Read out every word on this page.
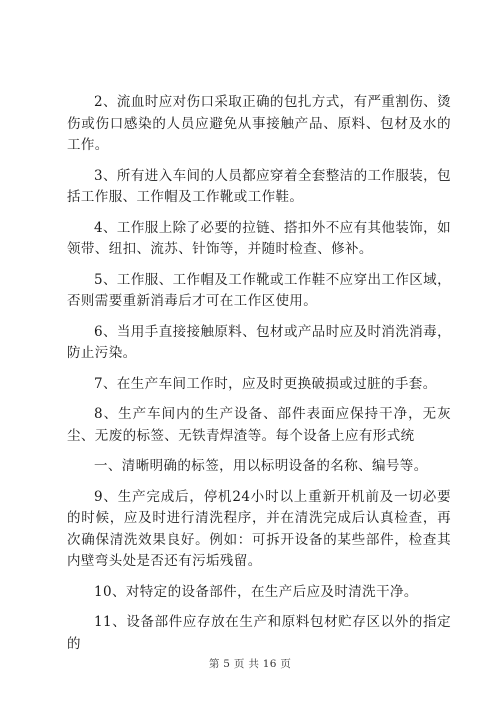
2、流血时应对伤口采取正确的包扎方式，有严重割伤、烫伤或伤口感染的人员应避免从事接触产品、原料、包材及水的工作。

3、所有进入车间的人员都应穿着全套整洁的工作服装，包括工作服、工作帽及工作靴或工作鞋。

4、工作服上除了必要的拉链、搭扣外不应有其他装饰，如领带、纽扣、流苏、针饰等，并随时检查、修补。

5、工作服、工作帽及工作靴或工作鞋不应穿出工作区域，否则需要重新消毒后才可在工作区使用。

6、当用手直接接触原料、包材或产品时应及时消洗消毒，防止污染。

7、在生产车间工作时，应及时更换破损或过脏的手套。

8、生产车间内的生产设备、部件表面应保持干净，无灰尘、无废的标签、无铁青焊渣等。每个设备上应有形式统

一、清晰明确的标签，用以标明设备的名称、编号等。

9、生产完成后，停机24小时以上重新开机前及一切必要的时候，应及时进行清洗程序，并在清洗完成后认真检查，再次确保清洗效果良好。例如：可拆开设备的某些部件，检查其内壁弯头处是否还有污垢残留。

10、对特定的设备部件，在生产后应及时清洗干净。

11、设备部件应存放在生产和原料包材贮存区以外的指定的

第 5 页 共 16 页
